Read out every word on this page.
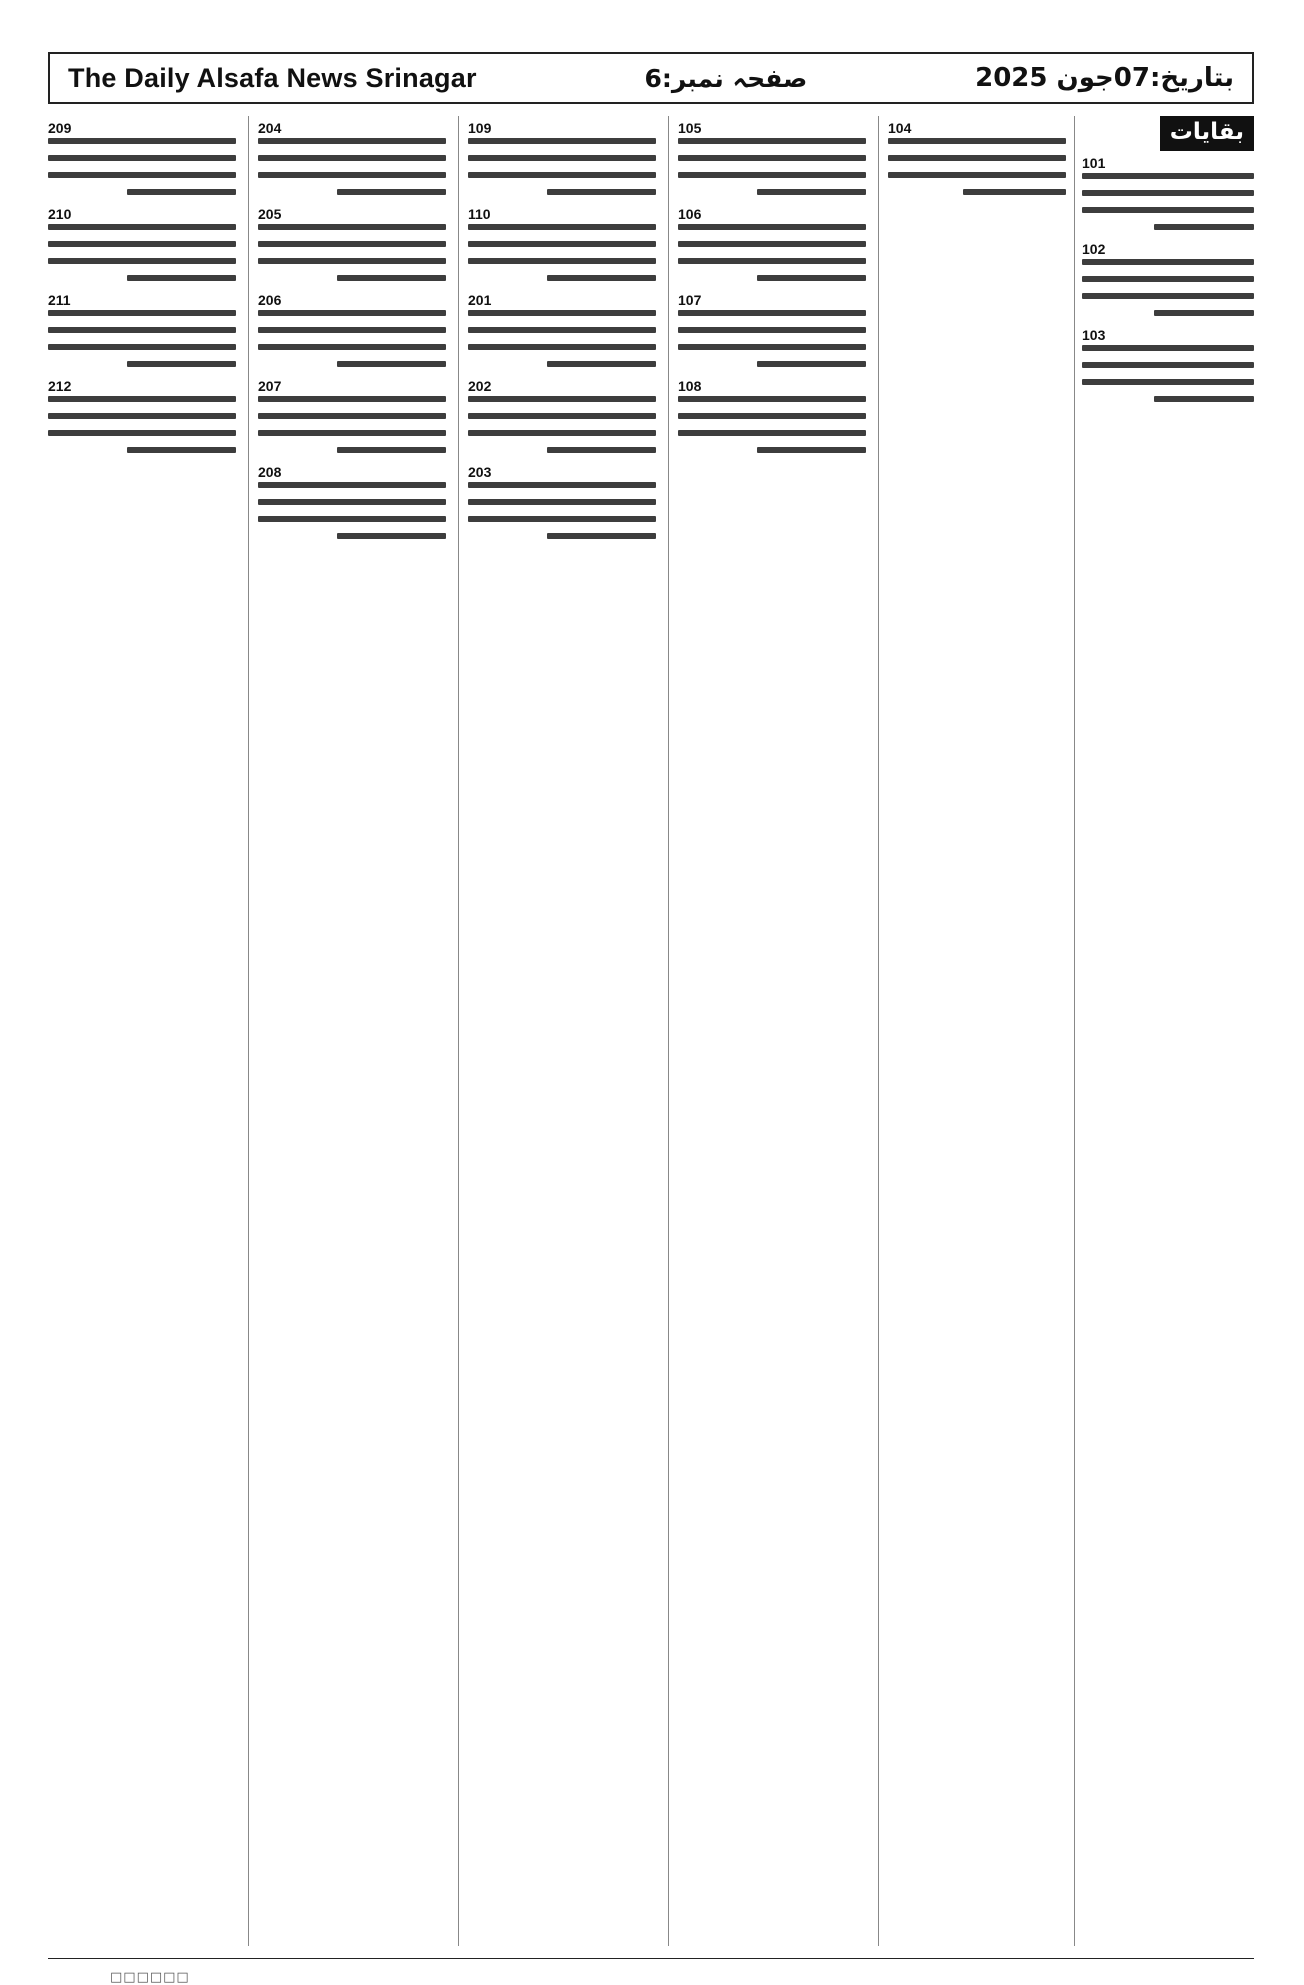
The Daily Alsafa News Srinagar	صفحہ نمبر:6	بتاریخ:07جون 2025
209
210
211
212
204
205
206
207
208
109
110
201
202
203
105
106
107
108
104	بقایات
101
102
103
□□□□□□
